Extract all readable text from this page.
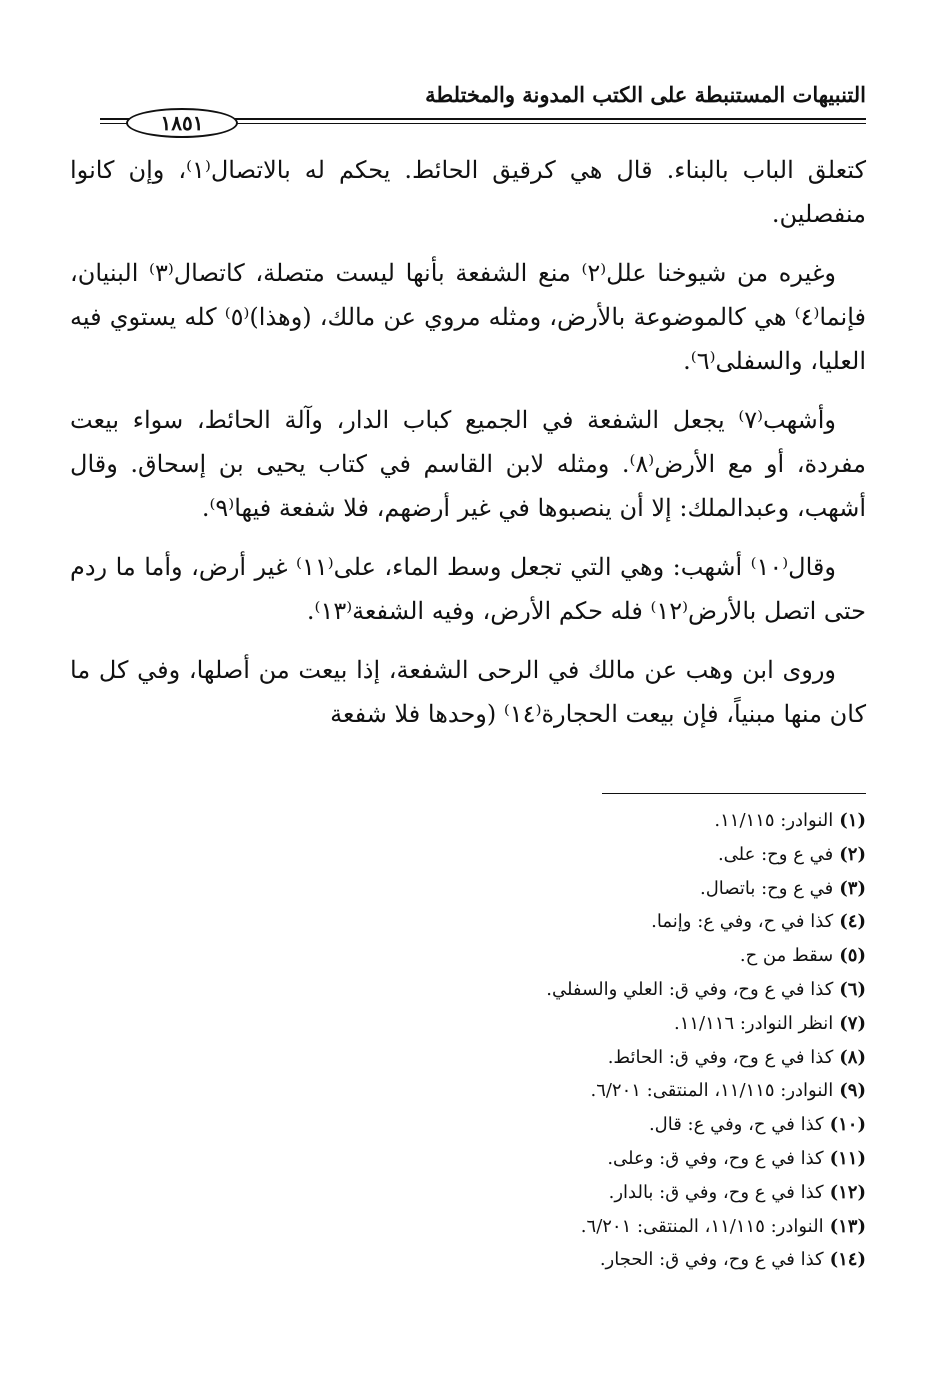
التنبيهات المستنبطة على الكتب المدونة والمختلطة
١٨٥١

كتعلق الباب بالبناء. قال هي كرقيق الحائط. يحكم له بالاتصال⁽١⁾، وإن كانوا منفصلين.

وغيره من شيوخنا علل⁽٢⁾ منع الشفعة بأنها ليست متصلة، كاتصال⁽٣⁾ البنيان، فإنما⁽٤⁾ هي كالموضوعة بالأرض، ومثله مروي عن مالك، (وهذا)⁽٥⁾ كله يستوي فيه العليا، والسفلى⁽٦⁾.

وأشهب⁽٧⁾ يجعل الشفعة في الجميع كباب الدار، وآلة الحائط، سواء بيعت مفردة، أو مع الأرض⁽٨⁾. ومثله لابن القاسم في كتاب يحيى بن إسحاق. وقال أشهب، وعبدالملك: إلا أن ينصبوها في غير أرضهم، فلا شفعة فيها⁽٩⁾.

وقال⁽١٠⁾ أشهب: وهي التي تجعل وسط الماء، على⁽١١⁾ غير أرض، وأما ما ردم حتى اتصل بالأرض⁽١٢⁾ فله حكم الأرض، وفيه الشفعة⁽١٣⁾.

وروى ابن وهب عن مالك في الرحى الشفعة، إذا بيعت من أصلها، وفي كل ما كان منها مبنياً، فإن بيعت الحجارة⁽١٤⁾ (وحدها فلا شفعة

(١)النوادر: ١١/١١٥.
(٢)في ع وح: على.
(٣)في ع وح: باتصال.
(٤)كذا في ح، وفي ع: وإنما.
(٥)سقط من ح.
(٦)كذا في ع وح، وفي ق: العلي والسفلي.
(٧)انظر النوادر: ١١/١١٦.
(٨)كذا في ع وح، وفي ق: الحائط.
(٩)النوادر: ١١/١١٥، المنتقى: ٦/٢٠١.
(١٠)كذا في ح، وفي ع: قال.
(١١)كذا في ع وح، وفي ق: وعلى.
(١٢)كذا في ع وح، وفي ق: بالدار.
(١٣)النوادر: ١١/١١٥، المنتقى: ٦/٢٠١.
(١٤)كذا في ع وح، وفي ق: الحجار.
